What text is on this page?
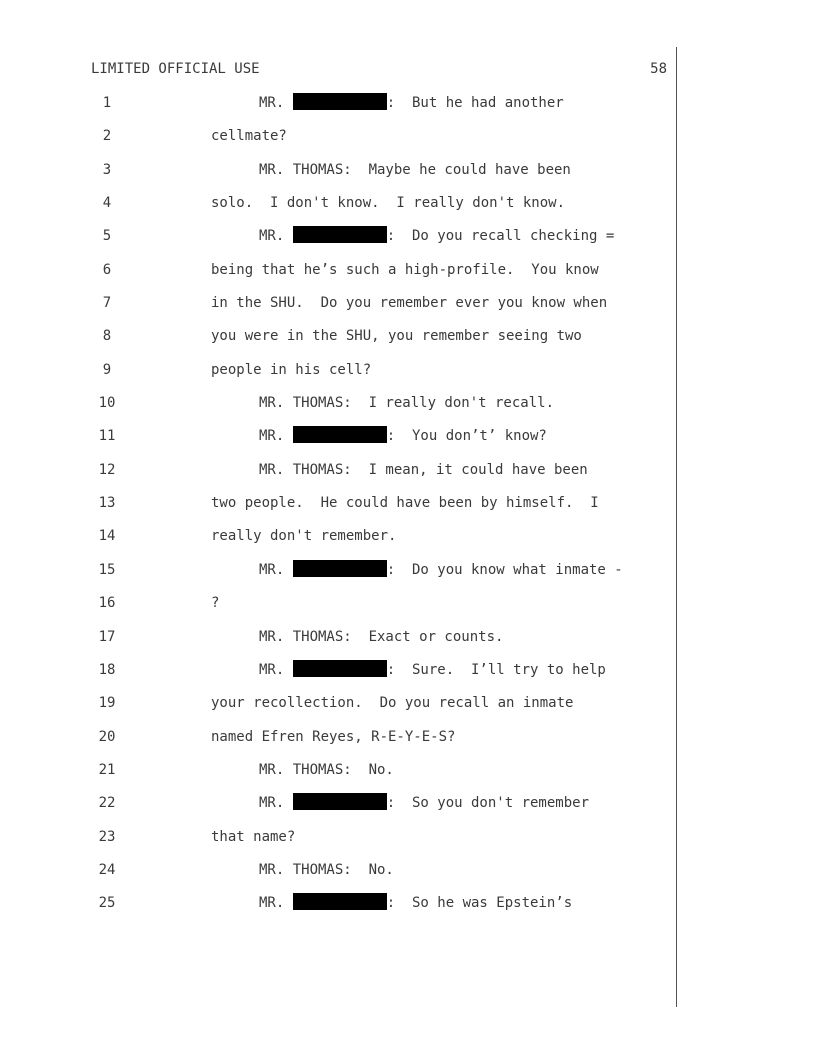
LIMITED OFFICIAL USE	58
1	MR.	:  But he had another
2	cellmate?
3	MR. THOMAS:  Maybe he could have been
4	solo.  I don't know.  I really don't know.
5	MR.	:  Do you recall checking =
6	being that he’s such a high-profile.  You know
7	in the SHU.  Do you remember ever you know when
8	you were in the SHU, you remember seeing two
9	people in his cell?
10	MR. THOMAS:  I really don't recall.
11	MR.	:  You don’t’ know?
12	MR. THOMAS:  I mean, it could have been
13	two people.  He could have been by himself.  I
14	really don't remember.
15	MR.	:  Do you know what inmate -
16	?
17	MR. THOMAS:  Exact or counts.
18	MR.	:  Sure.  I’ll try to help
19	your recollection.  Do you recall an inmate
20	named Efren Reyes, R-E-Y-E-S?
21	MR. THOMAS:  No.
22	MR.	:  So you don't remember
23	that name?
24	MR. THOMAS:  No.
25	MR.	:  So he was Epstein’s
